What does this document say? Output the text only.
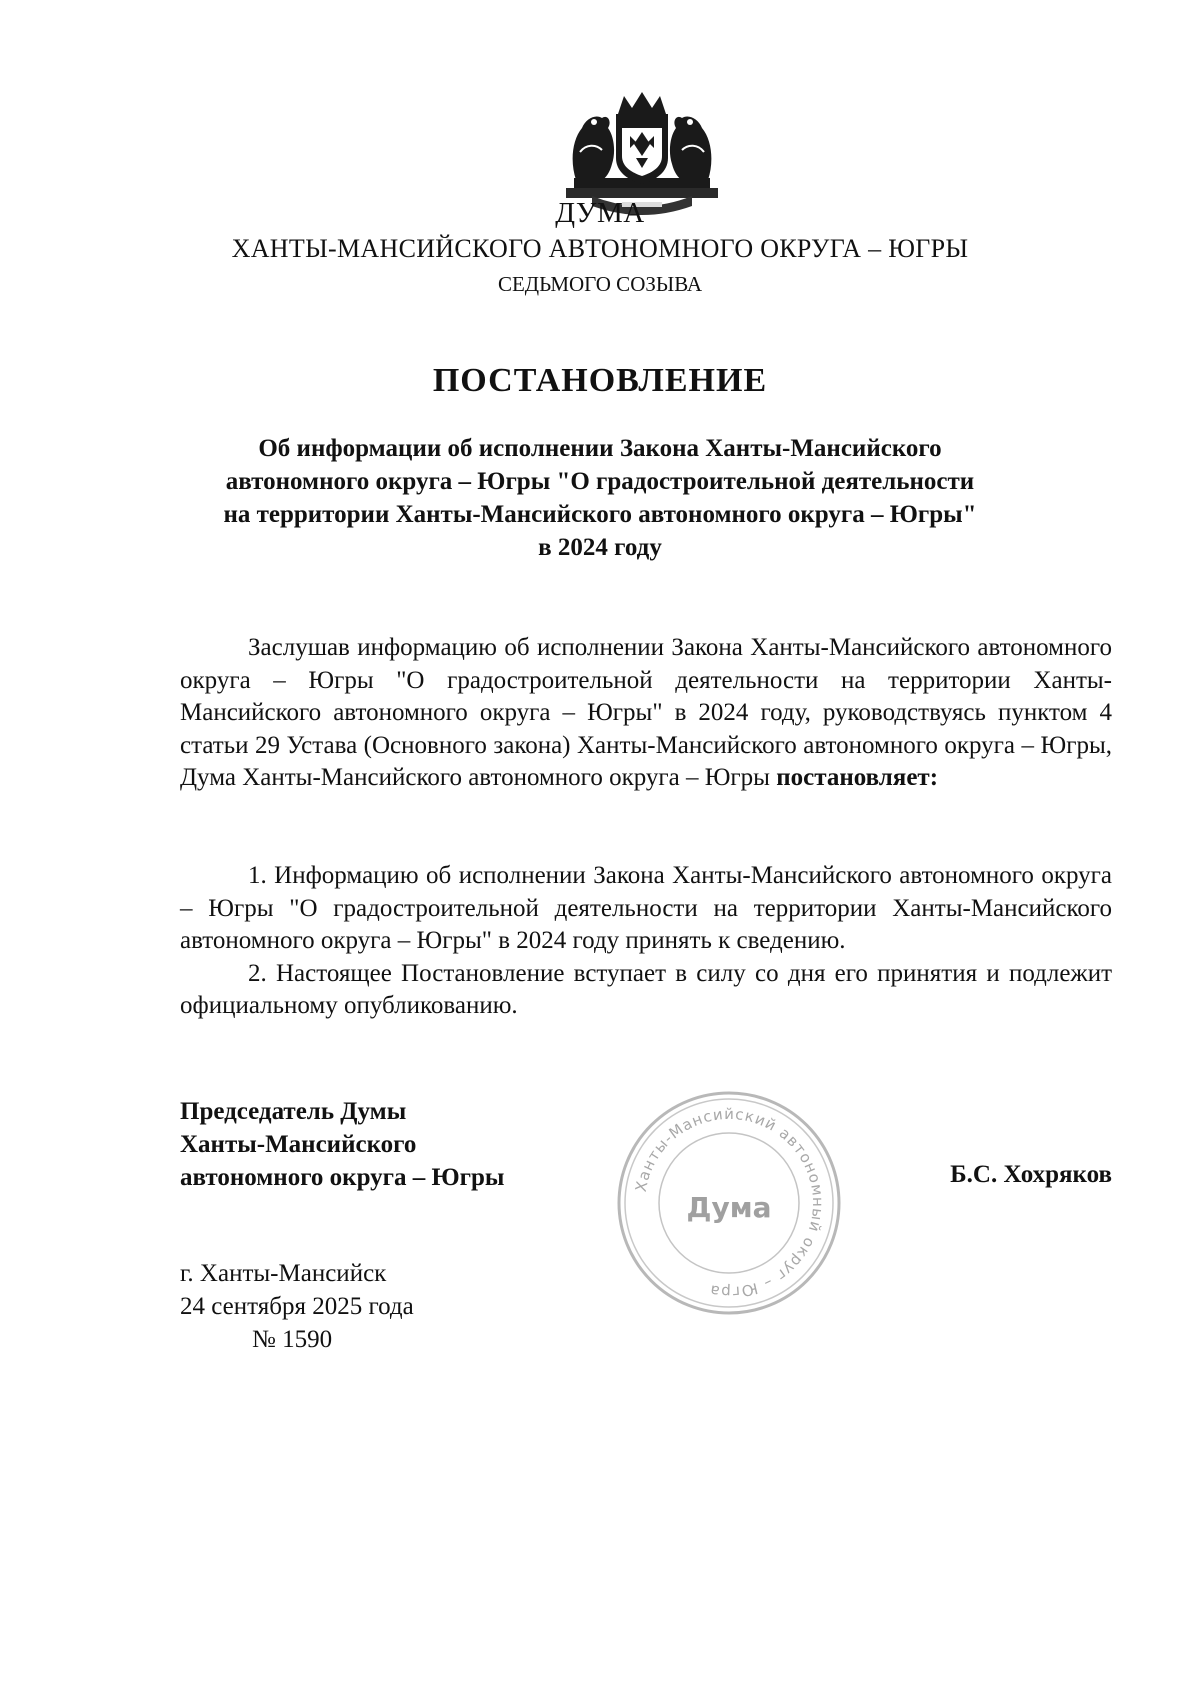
ДУМА
ХАНТЫ-МАНСИЙСКОГО АВТОНОМНОГО ОКРУГА – ЮГРЫ
СЕДЬМОГО СОЗЫВА
ПОСТАНОВЛЕНИЕ
Об информации об исполнении Закона Ханты-Мансийского
автономного округа – Югры "О градостроительной деятельности
на территории Ханты-Мансийского автономного округа – Югры"
в 2024 году

Заслушав информацию об исполнении Закона Ханты-Мансийского автономного округа – Югры "О градостроительной деятельности на территории Ханты-Мансийского автономного округа – Югры" в 2024 году, руководствуясь пунктом 4 статьи 29 Устава (Основного закона) Ханты-Мансийского автономного округа – Югры, Дума Ханты-Мансийского автономного округа – Югры постановляет:

1. Информацию об исполнении Закона Ханты-Мансийского автономного округа – Югры "О градостроительной деятельности на территории Ханты-Мансийского автономного округа – Югры" в 2024 году принять к сведению.

2. Настоящее Постановление вступает в силу со дня его принятия и подлежит официальному опубликованию.

Председатель Думы
Ханты-Мансийского
автономного округа – Югры	Ханты-Мансийский автономный округ – Югра
Дума
Б.С. Хохряков
г. Ханты-Мансийск
24 сентября 2025 года
№ 1590
